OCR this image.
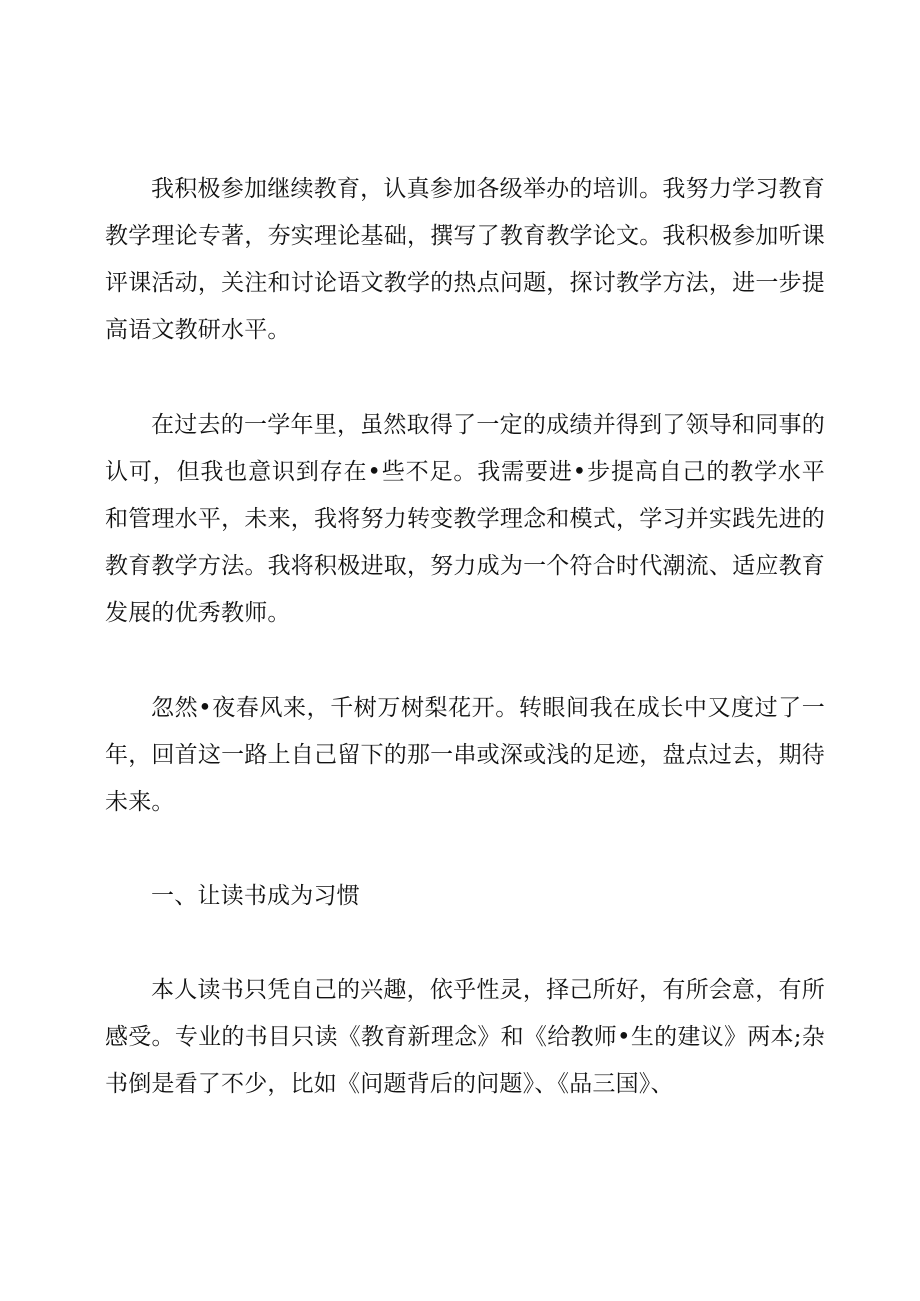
我积极参加继续教育，认真参加各级举办的培训。我努力学习教育教学理论专著，夯实理论基础，撰写了教育教学论文。我积极参加听课评课活动，关注和讨论语文教学的热点问题，探讨教学方法，进一步提高语文教研水平。

在过去的一学年里，虽然取得了一定的成绩并得到了领导和同事的认可，但我也意识到存在•些不足。我需要进•步提高自己的教学水平和管理水平，未来，我将努力转变教学理念和模式，学习并实践先进的教育教学方法。我将积极进取，努力成为一个符合时代潮流、适应教育发展的优秀教师。

忽然•夜春风来，千树万树梨花开。转眼间我在成长中又度过了一年，回首这一路上自己留下的那一串或深或浅的足迹，盘点过去，期待未来。

一、让读书成为习惯

本人读书只凭自己的兴趣，依乎性灵，择己所好，有所会意，有所感受。专业的书目只读《教育新理念》和《给教师•生的建议》两本;杂书倒是看了不少，比如《问题背后的问题》、《品三国》、
